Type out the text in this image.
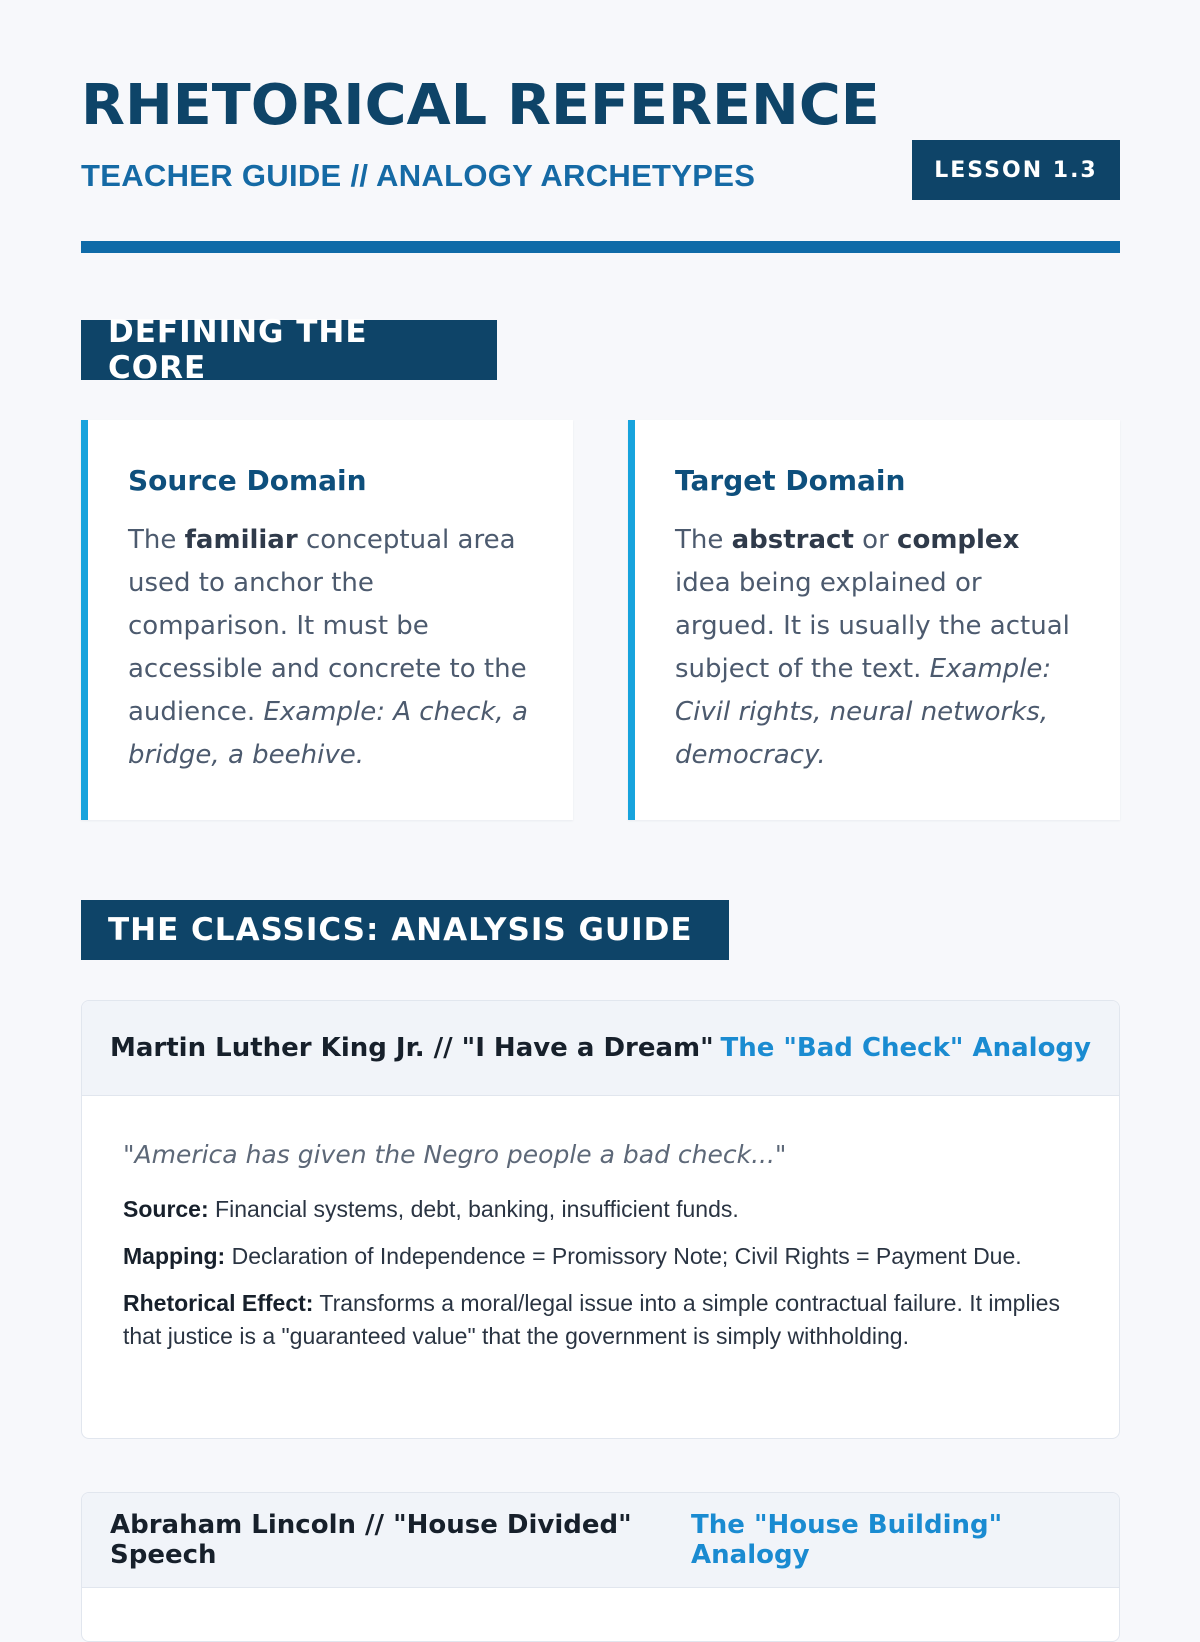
RHETORICAL REFERENCE
TEACHER GUIDE // ANALOGY ARCHETYPES	LESSON 1.3
DEFINING THE CORE
Source Domain
The familiar conceptual area used to anchor the comparison. It must be accessible and concrete to the audience. Example: A check, a bridge, a beehive.
Target Domain
The abstract or complex idea being explained or argued. It is usually the actual subject of the text. Example: Civil rights, neural networks, democracy.
THE CLASSICS: ANALYSIS GUIDE
Martin Luther King Jr. // "I Have a Dream" The "Bad Check" Analogy
"America has given the Negro people a bad check..."
Source: Financial systems, debt, banking, insufficient funds.
Mapping: Declaration of Independence = Promissory Note; Civil Rights = Payment Due.
Rhetorical Effect: Transforms a moral/legal issue into a simple contractual failure. It implies that justice is a "guaranteed value" that the government is simply withholding.
Abraham Lincoln // "House Divided" Speech
The "House Building" Analogy
